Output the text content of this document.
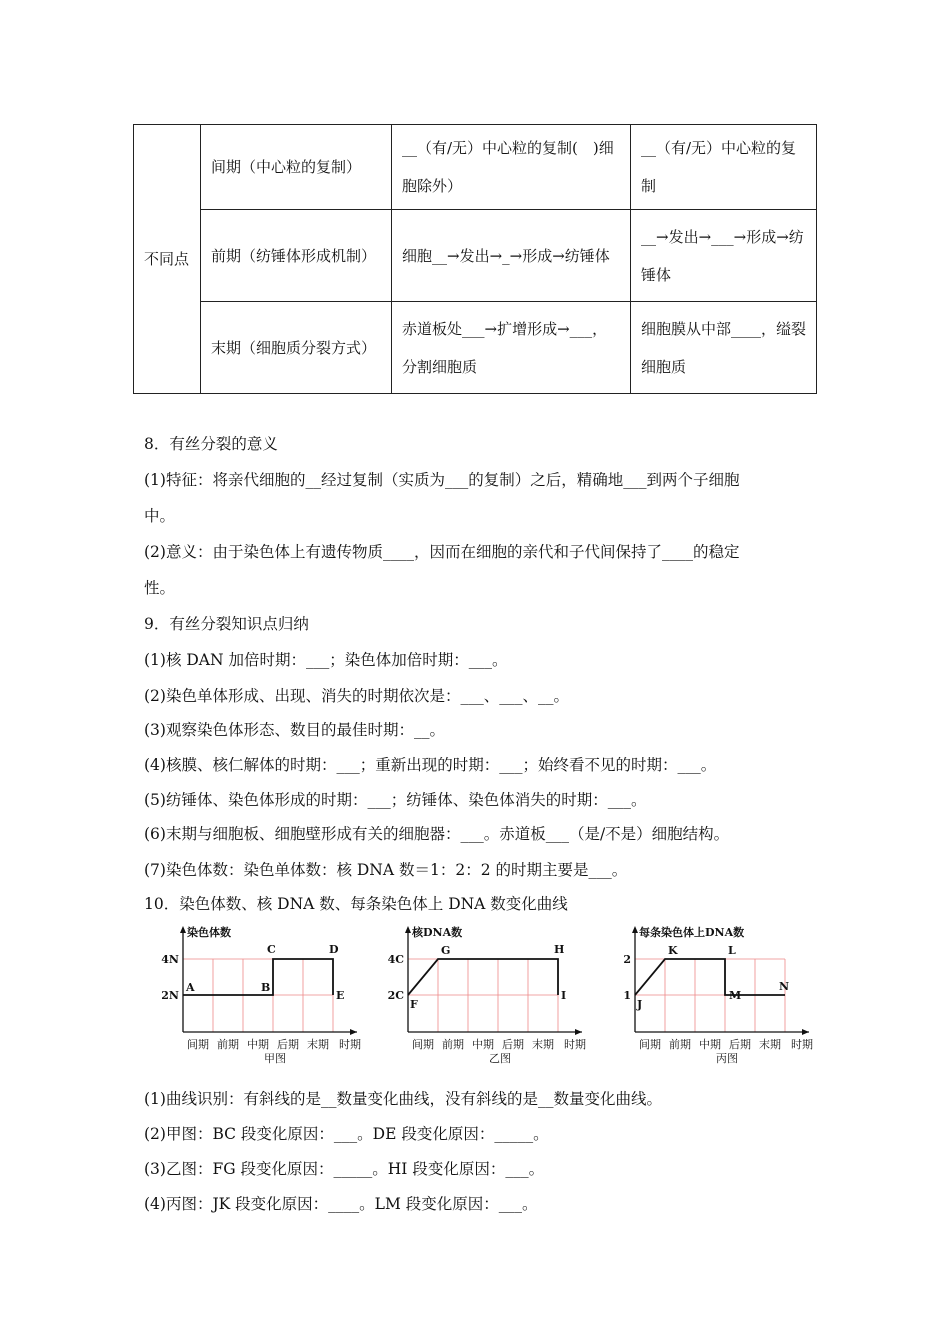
不同点	间期（中心粒的复制）	__（有/无）中心粒的复制(　)细胞除外）	__（有/无）中心粒的复制
	前期（纺锤体形成机制）	细胞__→发出→_→形成→纺锤体	__→发出→___→形成→纺锤体
	末期（细胞质分裂方式）	赤道板处___→扩增形成→___，分割细胞质	细胞膜从中部____，缢裂细胞质
8．有丝分裂的意义
(1)特征：将亲代细胞的__经过复制（实质为___的复制）之后，精确地___到两个子细胞
中。
(2)意义：由于染色体上有遗传物质____，因而在细胞的亲代和子代间保持了____的稳定
性。
9．有丝分裂知识点归纳
(1)核 DAN 加倍时期：___；染色体加倍时期：___。
(2)染色单体形成、出现、消失的时期依次是：___、___、__。
(3)观察染色体形态、数目的最佳时期：__。
(4)核膜、核仁解体的时期：___；重新出现的时期：___；始终看不见的时期：___。
(5)纺锤体、染色体形成的时期：___；纺锤体、染色体消失的时期：___。
(6)末期与细胞板、细胞壁形成有关的细胞器：___。赤道板___（是/不是）细胞结构。
(7)染色体数：染色单体数：核 DNA 数＝1：2：2 的时期主要是___。
10．染色体数、核 DNA 数、每条染色体上 DNA 数变化曲线
染色体数
2N
4N
A	B
C	D
E
间期 前期 中期 后期 末期 时期
甲图
核DNA数
2C
4C
F
G	H
I
间期 前期 中期 后期 末期 时期
乙图
每条染色体上DNA数
1
2
J
K	L
M
N
间期 前期 中期 后期 末期 时期
丙图
(1)曲线识别：有斜线的是__数量变化曲线，没有斜线的是__数量变化曲线。
(2)甲图：BC 段变化原因：___。DE 段变化原因：_____。
(3)乙图：FG 段变化原因：_____。HI 段变化原因：___。
(4)丙图：JK 段变化原因：____。LM 段变化原因：___。
